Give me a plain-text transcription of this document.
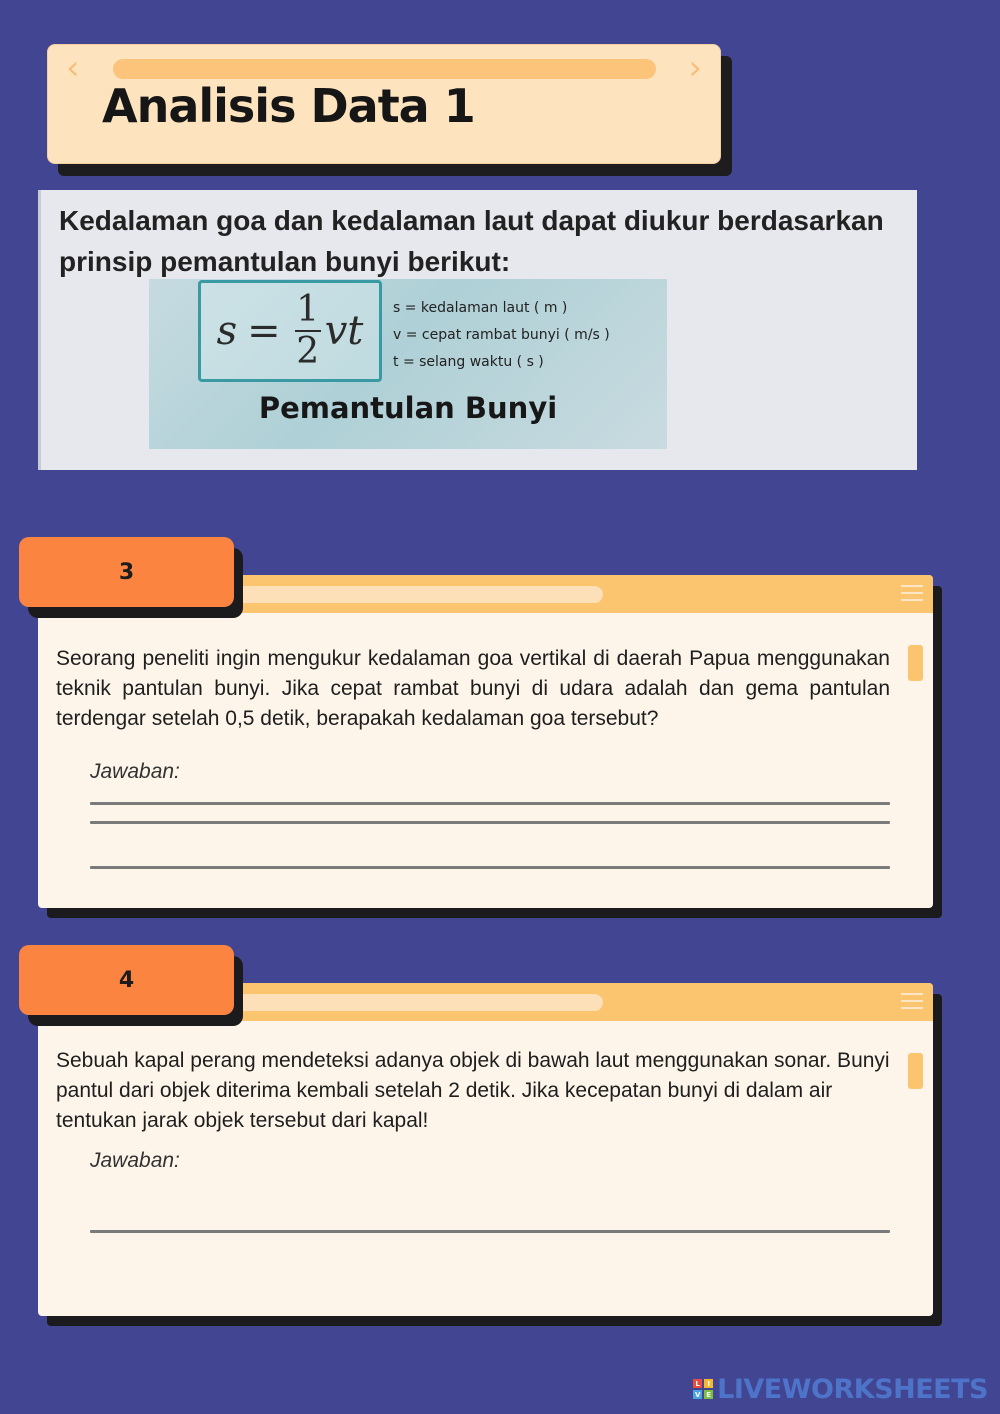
‹	›
Analisis Data 1
Kedalaman goa dan kedalaman laut dapat diukur berdasarkan prinsip pemantulan bunyi berikut:
$s = \frac{1}{2}$ vt s = kedalaman laut ( m )
v = cepat rambat bunyi ( m/s )
t = selang waktu ( s )
Pemantulan Bunyi
Seorang peneliti ingin mengukur kedalaman goa vertikal di daerah Papua menggunakan teknik pantulan bunyi. Jika cepat rambat bunyi di udara adalah dan gema pantulan terdengar setelah 0,5 detik, berapakah kedalaman goa tersebut?
Jawaban:
3
Sebuah kapal perang mendeteksi adanya objek di bawah laut menggunakan sonar. Bunyi pantul dari objek diterima kembali setelah 2 detik. Jika kecepatan bunyi di dalam air tentukan jarak objek tersebut dari kapal!
Jawaban:
4
L	I
V E LIVEWORKSHEETS
